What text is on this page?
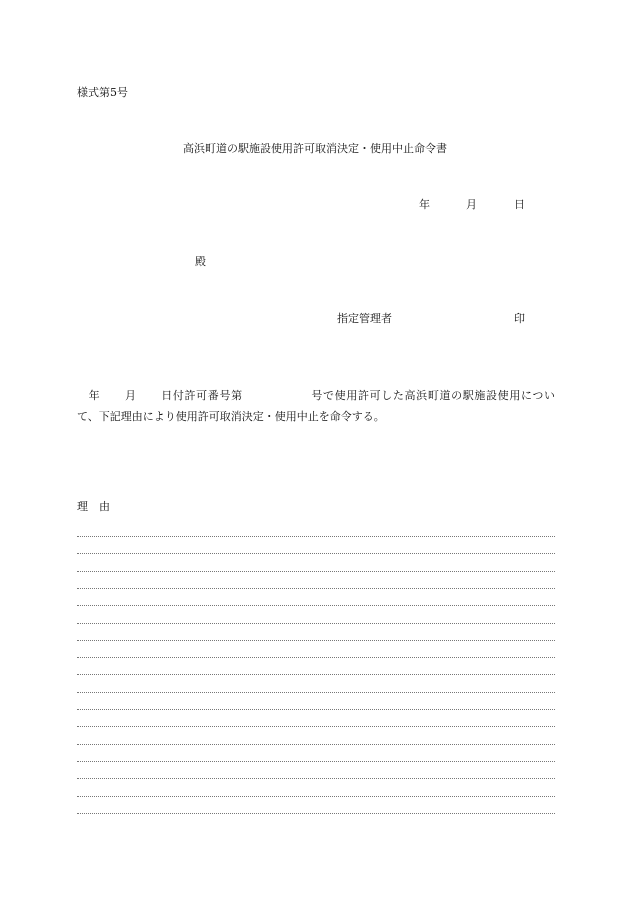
様式第5号
高浜町道の駅施設使用許可取消決定・使用中止命令書
年	月	日
殿
指定管理者	印
年 月 日付許可番号第	号で使用許可した高浜町道の駅施設使用について、下記理由により使用許可取消決定・使用中止を命令する。
理　由
